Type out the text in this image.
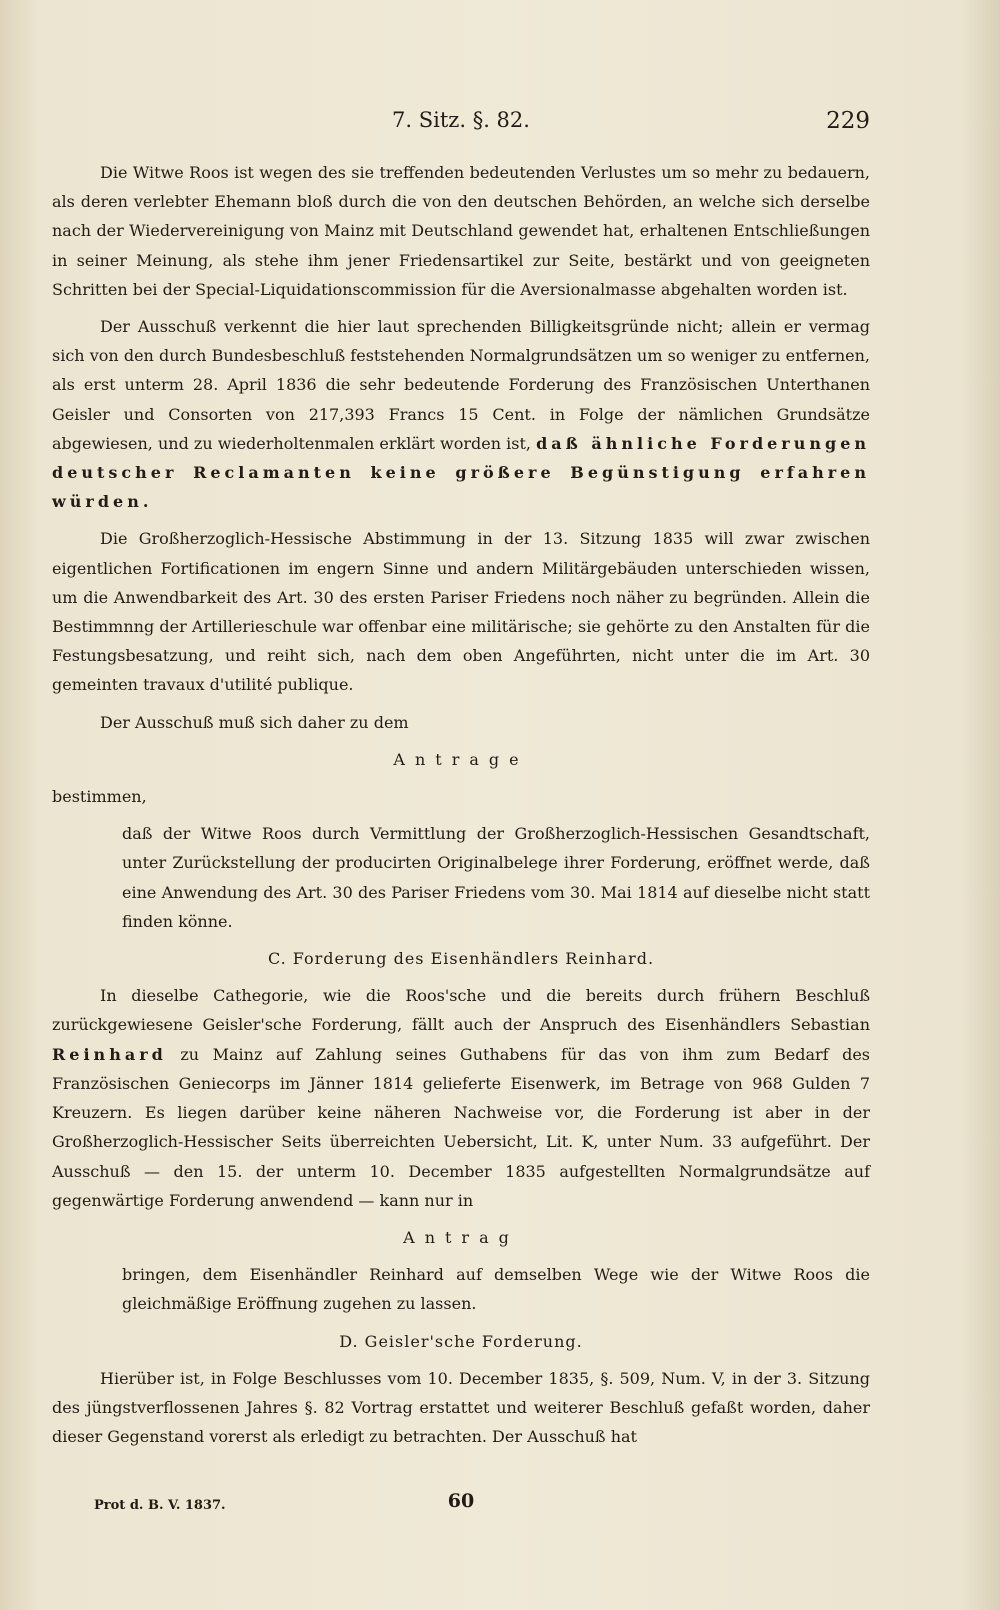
7. Sitz. §. 82.	229

Die Witwe Roos ist wegen des sie treffenden bedeutenden Verlustes um so mehr zu bedauern, als deren verlebter Ehemann bloß durch die von den deutschen Behörden, an welche sich derselbe nach der Wiedervereinigung von Mainz mit Deutschland gewendet hat, erhaltenen Entschließungen in seiner Meinung, als stehe ihm jener Friedensartikel zur Seite, bestärkt und von geeigneten Schritten bei der Special-Liquidationscommission für die Aversionalmasse abgehalten worden ist.

Der Ausschuß verkennt die hier laut sprechenden Billigkeitsgründe nicht; allein er vermag sich von den durch Bundesbeschluß feststehenden Normalgrundsätzen um so weniger zu entfernen, als erst unterm 28. April 1836 die sehr bedeutende Forderung des Französischen Unterthanen Geisler und Consorten von 217,393 Francs 15 Cent. in Folge der nämlichen Grundsätze abgewiesen, und zu wiederholtenmalen erklärt worden ist, daß ähnliche Forderungen deutscher Reclamanten keine größere Begünstigung erfahren würden.

Die Großherzoglich-Hessische Abstimmung in der 13. Sitzung 1835 will zwar zwischen eigentlichen Fortificationen im engern Sinne und andern Militärgebäuden unterschieden wissen, um die Anwendbarkeit des Art. 30 des ersten Pariser Friedens noch näher zu begründen. Allein die Bestimmnng der Artillerieschule war offenbar eine militärische; sie gehörte zu den Anstalten für die Festungsbesatzung, und reiht sich, nach dem oben Angeführten, nicht unter die im Art. 30 gemeinten travaux d'utilité publique.

Der Ausschuß muß sich daher zu dem

Antrage

bestimmen,

daß der Witwe Roos durch Vermittlung der Großherzoglich-Hessischen Gesandtschaft, unter Zurückstellung der producirten Originalbelege ihrer Forderung, eröffnet werde, daß eine Anwendung des Art. 30 des Pariser Friedens vom 30. Mai 1814 auf dieselbe nicht statt finden könne.

C. Forderung des Eisenhändlers Reinhard.

In dieselbe Cathegorie, wie die Roos'sche und die bereits durch frühern Beschluß zurückgewiesene Geisler'sche Forderung, fällt auch der Anspruch des Eisenhändlers Sebastian Reinhard zu Mainz auf Zahlung seines Guthabens für das von ihm zum Bedarf des Französischen Geniecorps im Jänner 1814 gelieferte Eisenwerk, im Betrage von 968 Gulden 7 Kreuzern. Es liegen darüber keine näheren Nachweise vor, die Forderung ist aber in der Großherzoglich-Hessischer Seits überreichten Uebersicht, Lit. K, unter Num. 33 aufgeführt. Der Ausschuß — den 15. der unterm 10. December 1835 aufgestellten Normalgrundsätze auf gegenwärtige Forderung anwendend — kann nur in

Antrag

bringen, dem Eisenhändler Reinhard auf demselben Wege wie der Witwe Roos die gleichmäßige Eröffnung zugehen zu lassen.

D. Geisler'sche Forderung.

Hierüber ist, in Folge Beschlusses vom 10. December 1835, §. 509, Num. V, in der 3. Sitzung des jüngstverflossenen Jahres §. 82 Vortrag erstattet und weiterer Beschluß gefaßt worden, daher dieser Gegenstand vorerst als erledigt zu betrachten. Der Ausschuß hat

Prot d. B. V. 1837.	60
